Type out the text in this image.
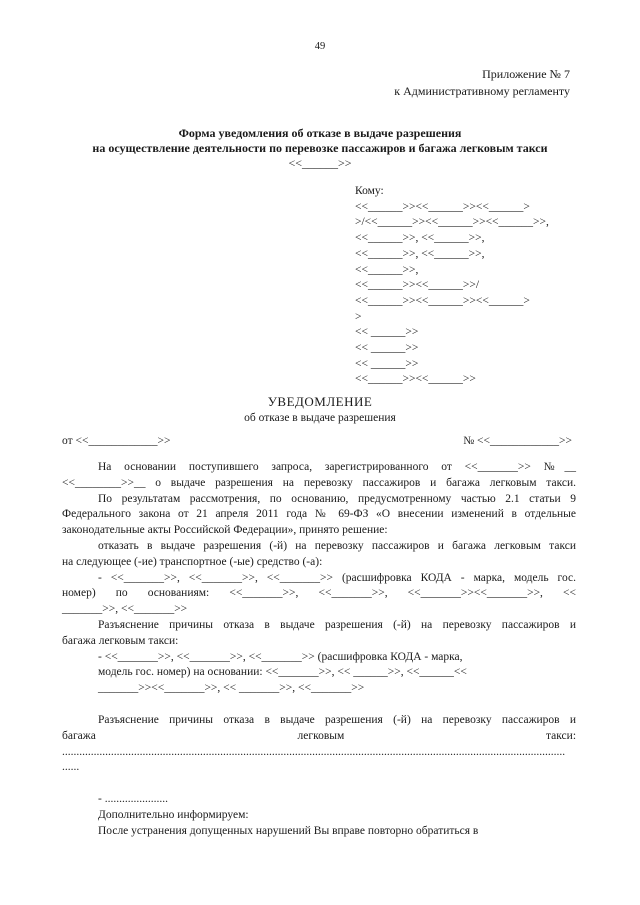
49
Приложение № 7
к Административному регламенту
Форма уведомления об отказе в выдаче разрешения
на осуществление деятельности по перевозке пассажиров и багажа легковым такси
<<______>>
Кому:
<<______>><<______>><<______>
>/<<______>><<______>><<______>>,
<<______>>, <<______>>,
<<______>>, <<______>>,
<<______>>,
<<______>><<______>>/
<<______>><<______>><<______>
>
<< ______>>
<< ______>>
<< ______>>
<<______>><<______>>
УВЕДОМЛЕНИЕ
об отказе в выдаче разрешения
от <<____________>>	№ <<____________>>

На основании поступившего запроса, зарегистрированного от <<_______>> №__

<<________>>__ о выдаче разрешения на перевозку пассажиров и багажа легковым такси.

По результатам рассмотрения, по основанию, предусмотренному частью 2.1 статьи 9

Федерального закона от 21 апреля 2011 года № 69-ФЗ «О внесении изменений в отдельные

законодательные акты Российской Федерации», принято решение:

отказать в выдаче разрешения (-й) на перевозку пассажиров и багажа легковым такси

на следующее (-ие) транспортное (-ые) средство (-а):

- <<_______>>, <<_______>>, <<_______>> (расшифровка КОДА - марка, модель гос.

номер) по основаниям: <<_______>>, <<_______>>, <<_______>><<_______>>, <<

_______>>, <<_______>>

Разъяснение причины отказа в выдаче разрешения (-й) на перевозку пассажиров и

багажа легковым такси:

- <<_______>>, <<_______>>, <<_______>> (расшифровка КОДА - марка,

модель гос. номер) на основании: <<_______>>, << ______>>, <<______<<

_______>><<_______>>, << _______>>, <<_______>>

Разъяснение причины отказа в выдаче разрешения (-й) на перевозку пассажиров и

багажа	легковым	такси:

...............................................................................................................................................................................

......

- ......................

Дополнительно информируем:

После устранения допущенных нарушений Вы вправе повторно обратиться в
